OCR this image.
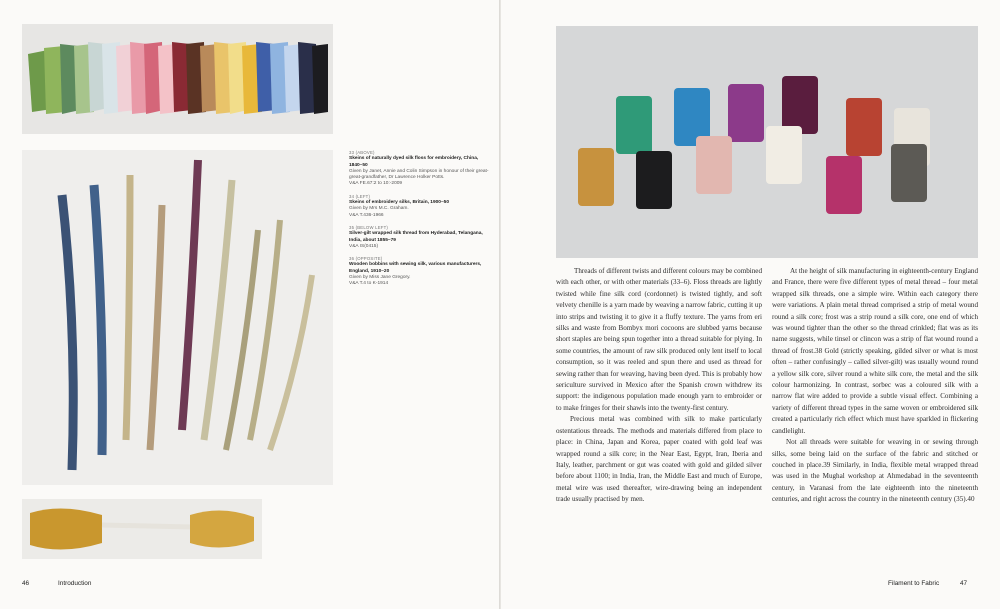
33 (ABOVE)
Skeins of naturally dyed silk floss for embroidery, China, 1840–50
Given by Janet, Annie and Colin Simpson in honour of their great-great-grandfather, Dr Lawrence Holker Potts.
V&A FE.67:2 to 10:-2009
34 (LEFT)
Skeins of embroidery silks, Britain, 1900–50
Given by Mrs M.C. Graham.
V&A T.436-1966
35 (BELOW LEFT)
Silver-gilt wrapped silk thread from Hyderabad, Telangana, India, about 1855–79
V&A IS(0415)
36 (OPPOSITE)
Wooden bobbins with sewing silk, various manufacturers, England, 1910–20
Given by Miss Jane Gregory.
V&A T.4 to K-1914

Threads of different twists and different colours may be combined with each other, or with other materials (33–6). Floss threads are lightly twisted while fine silk cord (cordonnet) is twisted tightly, and soft velvety chenille is a yarn made by weaving a narrow fabric, cutting it up into strips and twisting it to give it a fluffy texture. The yarns from eri silks and waste from Bombyx mori cocoons are slubbed yarns because short staples are being spun together into a thread suitable for plying. In some countries, the amount of raw silk produced only lent itself to local consumption, so it was reeled and spun there and used as thread for sewing rather than for weaving, having been dyed. This is probably how sericulture survived in Mexico after the Spanish crown withdrew its support: the indigenous population made enough yarn to embroider or to make fringes for their shawls into the twenty-first century.

Precious metal was combined with silk to make particularly ostentatious threads. The methods and materials differed from place to place: in China, Japan and Korea, paper coated with gold leaf was wrapped round a silk core; in the Near East, Egypt, Iran, Iberia and Italy, leather, parchment or gut was coated with gold and gilded silver before about 1100; in India, Iran, the Middle East and much of Europe, metal wire was used thereafter, wire-drawing being an independent trade usually practised by men.

At the height of silk manufacturing in eighteenth-century England and France, there were five different types of metal thread – four metal wrapped silk threads, one a simple wire. Within each category there were variations. A plain metal thread comprised a strip of metal wound round a silk core; frost was a strip round a silk core, one end of which was wound tighter than the other so the thread crinkled; flat was as its name suggests, while tinsel or clincon was a strip of flat wound round a thread of frost.38 Gold (strictly speaking, gilded silver or what is most often – rather confusingly – called silver-gilt) was usually wound round a yellow silk core, silver round a white silk core, the metal and the silk colour harmonizing. In contrast, sorbec was a coloured silk with a narrow flat wire added to provide a subtle visual effect. Combining a variety of different thread types in the same woven or embroidered silk created a particularly rich effect which must have sparkled in flickering candlelight.

Not all threads were suitable for weaving in or sewing through silks, some being laid on the surface of the fabric and stitched or couched in place.39 Similarly, in India, flexible metal wrapped thread was used in the Mughal workshop at Ahmedabad in the seventeenth century, in Varanasi from the late eighteenth into the nineteenth centuries, and right across the country in the nineteenth century (35).40

46	Introduction	Filament to Fabric	47
